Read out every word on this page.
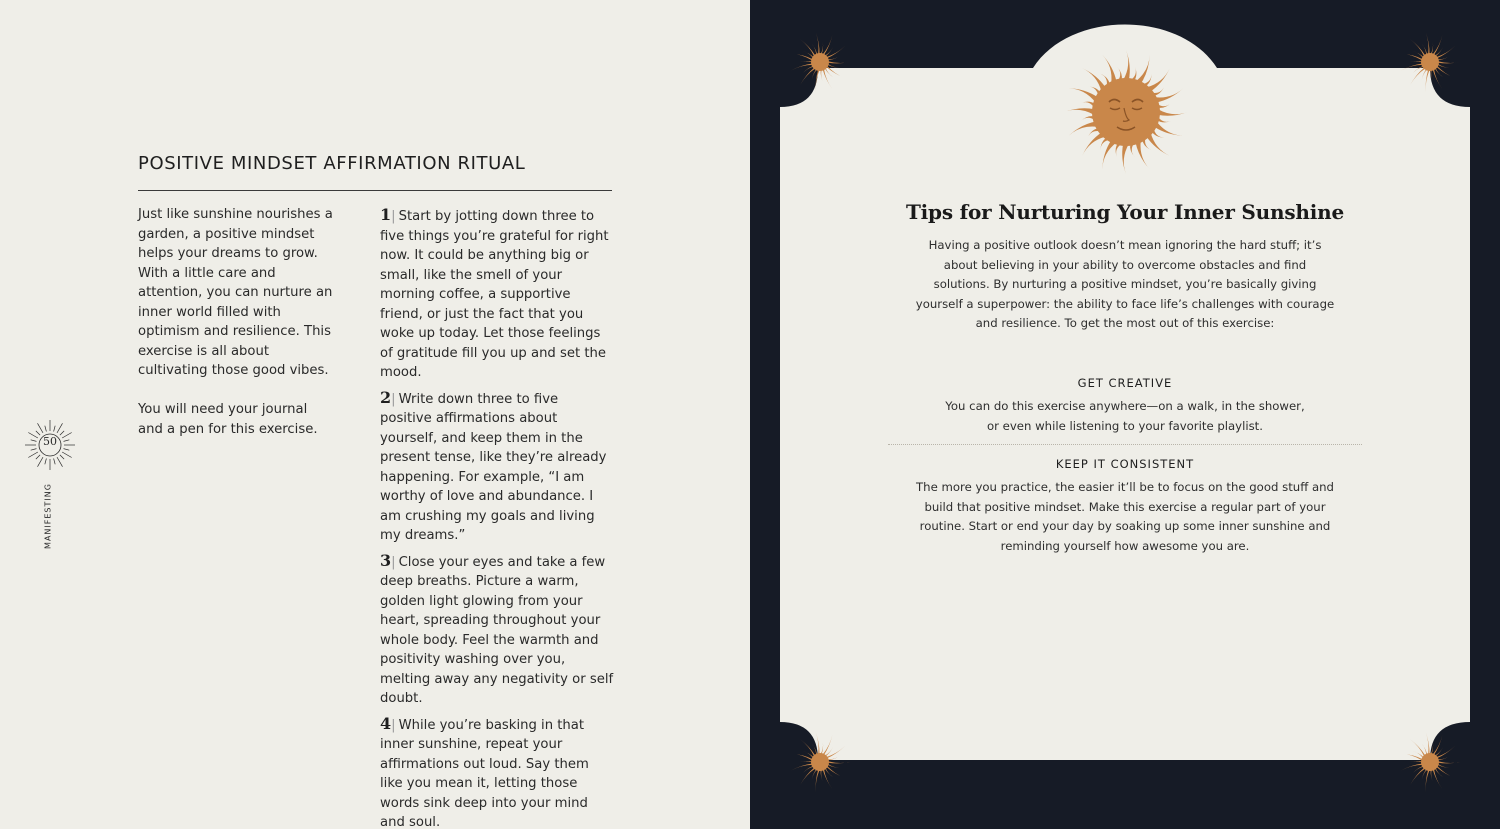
POSITIVE MINDSET AFFIRMATION RITUAL

Just like sunshine nourishes a garden, a positive mindset helps your dreams to grow. With a little care and attention, you can nurture an inner world filled with optimism and resilience. This exercise is all about cultivating those good vibes.

You will need your journal and a pen for this exercise.

1| Start by jotting down three to five things you’re grateful for right now. It could be anything big or small, like the smell of your morning coffee, a supportive friend, or just the fact that you woke up today. Let those feelings of gratitude fill you up and set the mood.

2| Write down three to five positive affirmations about yourself, and keep them in the present tense, like they’re already happening. For example, “I am worthy of love and abundance. I am crushing my goals and living my dreams.”

3| Close your eyes and take a few deep breaths. Picture a warm, golden light glowing from your heart, spreading throughout your whole body. Feel the warmth and positivity washing over you, melting away any negativity or self doubt.

4| While you’re basking in that inner sunshine, repeat your affirmations out loud. Say them like you mean it, letting those words sink deep into your mind and soul.

50
MANIFESTING
Tips for Nurturing Your Inner Sunshine
Having a positive outlook doesn’t mean ignoring the hard stuff; it’s about believing in your ability to overcome obstacles and find solutions. By nurturing a positive mindset, you’re basically giving yourself a superpower: the ability to face life’s challenges with courage and resilience. To get the most out of this exercise:
GET CREATIVE
You can do this exercise anywhere—on a walk, in the shower, or even while listening to your favorite playlist.
KEEP IT CONSISTENT
The more you practice, the easier it’ll be to focus on the good stuff and build that positive mindset. Make this exercise a regular part of your routine. Start or end your day by soaking up some inner sunshine and reminding yourself how awesome you are.
